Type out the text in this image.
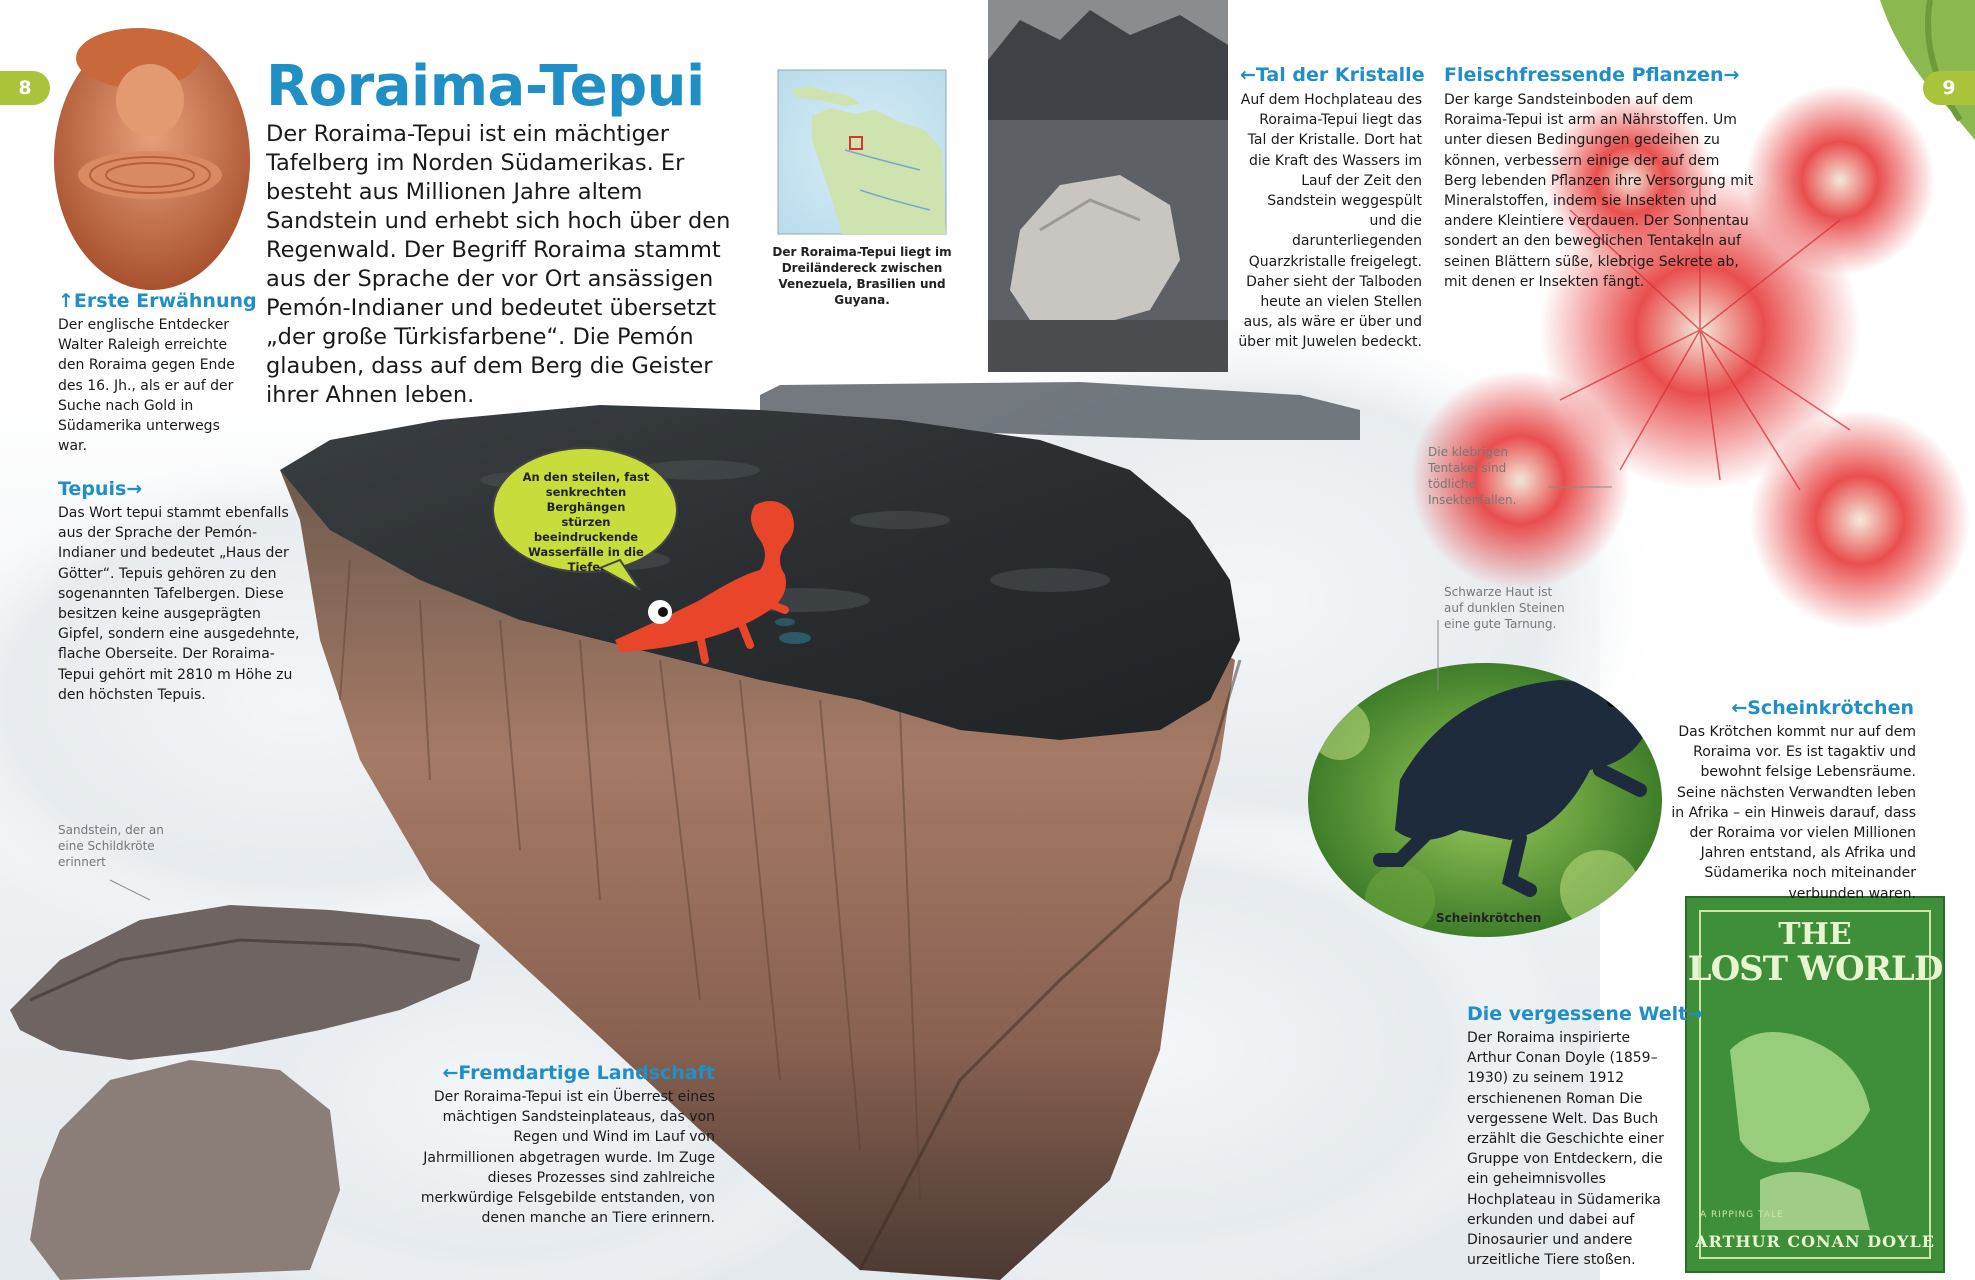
8	9
Roraima-Tepui
Der Roraima-Tepui ist ein mächtiger Tafelberg im Norden Südamerikas. Er besteht aus Millionen Jahre altem Sandstein und erhebt sich hoch über den Regenwald. Der Begriff Roraima stammt aus der Sprache der vor Ort ansässigen Pemón-Indianer und bedeutet übersetzt „der große Türkisfarbene“. Die Pemón glauben, dass auf dem Berg die Geister ihrer Ahnen leben.
Der Roraima-Tepui liegt im Dreiländereck zwischen Venezuela, Brasilien und Guyana.
↑Erste Erwähnung
Der englische Entdecker Walter Raleigh erreichte den Roraima gegen Ende des 16. Jh., als er auf der Suche nach Gold in Südamerika unterwegs war.
Tepuis→
Das Wort tepui stammt ebenfalls aus der Sprache der Pemón-Indianer und bedeutet „Haus der Götter“. Tepuis gehören zu den sogenannten Tafelbergen. Diese besitzen keine ausgeprägten Gipfel, sondern eine ausgedehnte, flache Oberseite. Der Roraima-Tepui gehört mit 2810 m Höhe zu den höchsten Tepuis.
←Tal der Kristalle
Auf dem Hochplateau des Roraima-Tepui liegt das Tal der Kristalle. Dort hat die Kraft des Wassers im Lauf der Zeit den Sandstein weggespült und die darunterliegenden Quarzkristalle freigelegt. Daher sieht der Talboden heute an vielen Stellen aus, als wäre er über und über mit Juwelen bedeckt.
Fleischfressende Pflanzen→
Der karge Sandsteinboden auf dem Roraima-Tepui ist arm an Nährstoffen. Um unter diesen Bedingungen gedeihen zu können, verbessern einige der auf dem Berg lebenden Pflanzen ihre Versorgung mit Mineralstoffen, indem sie Insekten und andere Kleintiere verdauen. Der Sonnentau sondert an den beweglichen Tentakeln auf seinen Blättern süße, klebrige Sekrete ab, mit denen er Insekten fängt.
←Scheinkrötchen
Das Krötchen kommt nur auf dem Roraima vor. Es ist tagaktiv und bewohnt felsige Lebensräume. Seine nächsten Verwandten leben in Afrika – ein Hinweis darauf, dass der Roraima vor vielen Millionen Jahren entstand, als Afrika und Südamerika noch miteinander verbunden waren.
←Fremdartige Landschaft
Der Roraima-Tepui ist ein Überrest eines mächtigen Sandsteinplateaus, das von Regen und Wind im Lauf von Jahrmillionen abgetragen wurde. Im Zuge dieses Prozesses sind zahlreiche merkwürdige Felsgebilde entstanden, von denen manche an Tiere erinnern.
Die vergessene Welt→
Der Roraima inspirierte Arthur Conan Doyle (1859–1930) zu seinem 1912 erschienenen Roman Die vergessene Welt. Das Buch erzählt die Geschichte einer Gruppe von Entdeckern, die ein geheimnisvolles Hochplateau in Südamerika erkunden und dabei auf Dinosaurier und andere urzeitliche Tiere stoßen.
Die klebrigen Tentakel sind tödliche Insektenfallen.
Schwarze Haut ist auf dunklen Steinen eine gute Tarnung.
Scheinkrötchen
Sandstein, der an eine Schildkröte erinnert
An den steilen, fast senkrechten Berghängen stürzen beeindruckende Wasserfälle in die Tiefe.
THE
LOST WORLD
A RIPPING TALE
ARTHUR CONAN DOYLE
